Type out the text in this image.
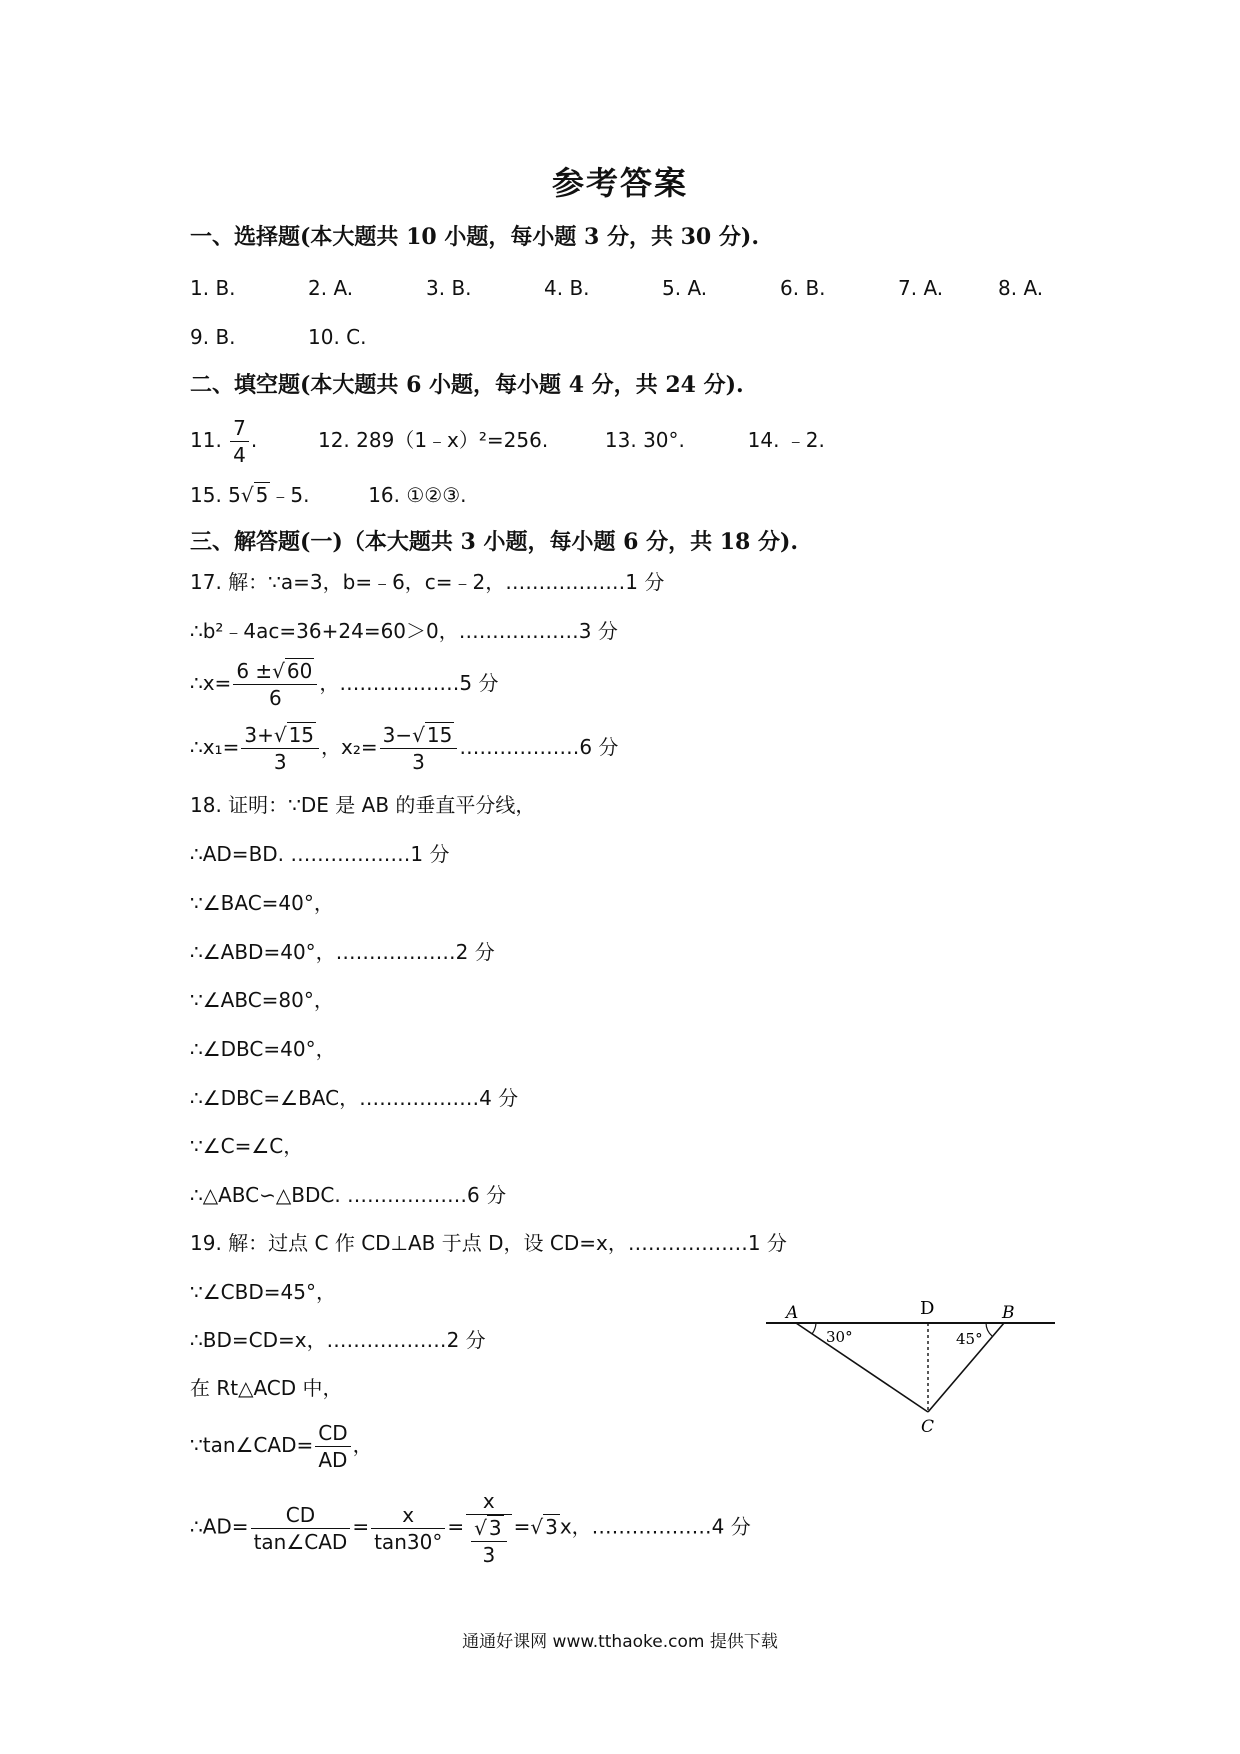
参考答案
一、选择题(本大题共 10 小题，每小题 3 分，共 30 分).
1. B.	2. A.	3. B.	4. B.	5. A.	6. B.	7. A.	8. A.
9. B.	10. C.
二、填空题(本大题共 6 小题，每小题 4 分，共 24 分).
11. $\frac{7}{4}$ .	12. 289（1﹣x）²=256.	13. 30°.	14. ﹣2.
15. 5√ 5 ﹣5.	16. ①②③.
三、解答题(一)（本大题共 3 小题，每小题 6 分，共 18 分).
17. 解：∵a=3，b=﹣6，c=﹣2，………………1 分
∴b²﹣4ac=36+24=60＞0，………………3 分
∴x= $\frac{6 \pm√ 60}{6}$ ，………………5 分
∴x₁= $\frac{3+√ 15}{3}$ ，$x_2= \frac{3-√ 15}{3}$ ………………6 分
18. 证明：∵DE 是 AB 的垂直平分线，
∴AD=BD. ………………1 分
∵∠BAC=40°，
∴∠ABD=40°，………………2 分
∵∠ABC=80°，
∴∠DBC=40°，
∴∠DBC=∠BAC，………………4 分
∵∠C=∠C，
∴△ABC∽△BDC. ………………6 分
19. 解：过点 C 作 CD⊥AB 于点 D，设 CD=x，………………1 分
∵∠CBD=45°，
∴BD=CD=x，………………2 分
在 Rt△ACD 中，
∵tan∠CAD= $\frac{CD}{AD}$ ，
∴AD= $\frac{CD}{\text{tan∠CAD}} = \frac{x}{\tan 30^\circ} = \frac{x}{\frac{√ 3}{3}}$ =√ 3 x，………………4 分
A	D	B
C
30°	45°
通通好课网 www.tthaoke.com 提供下载
